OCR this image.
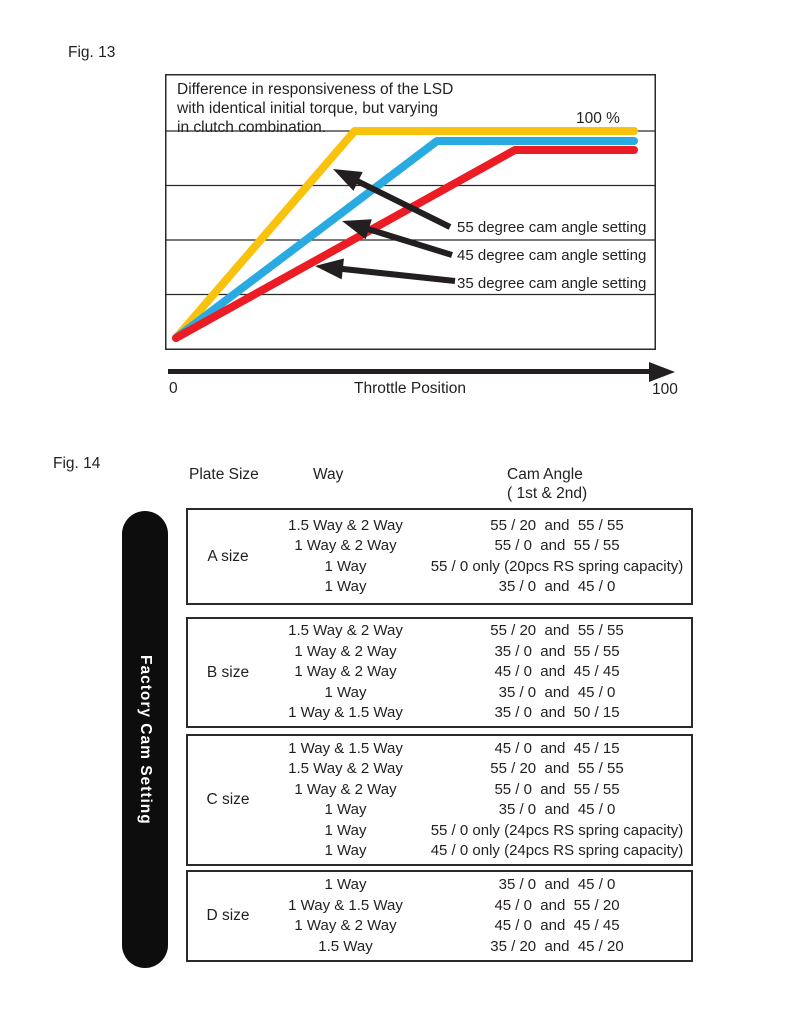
Fig. 13
Difference in responsiveness of the LSD
with identical initial torque, but varying
in clutch combination.
100 %
55 degree cam angle setting
45 degree cam angle setting
35 degree cam angle setting
0	Throttle Position	100
Fig. 14
Plate Size	Way	Cam Angle
( 1st & 2nd)
Factory Cam Setting
A size
1.5 Way & 2 Way	55 / 20  and  55 / 55
1 Way & 2 Way	55 / 0  and  55 / 55
1 Way	55 / 0 only (20pcs RS spring capacity)
1 Way	35 / 0  and  45 / 0
B size
1.5 Way & 2 Way	55 / 20  and  55 / 55
1 Way & 2 Way	35 / 0  and  55 / 55
1 Way & 2 Way	45 / 0  and  45 / 45
1 Way	35 / 0  and  45 / 0
1 Way & 1.5 Way	35 / 0  and  50 / 15
C size
1 Way & 1.5 Way	45 / 0  and  45 / 15
1.5 Way & 2 Way	55 / 20  and  55 / 55
1 Way & 2 Way	55 / 0  and  55 / 55
1 Way	35 / 0  and  45 / 0
1 Way	55 / 0 only (24pcs RS spring capacity)
1 Way	45 / 0 only (24pcs RS spring capacity)
D size
1 Way	35 / 0  and  45 / 0
1 Way & 1.5 Way	45 / 0  and  55 / 20
1 Way & 2 Way	45 / 0  and  45 / 45
1.5 Way	35 / 20  and  45 / 20
